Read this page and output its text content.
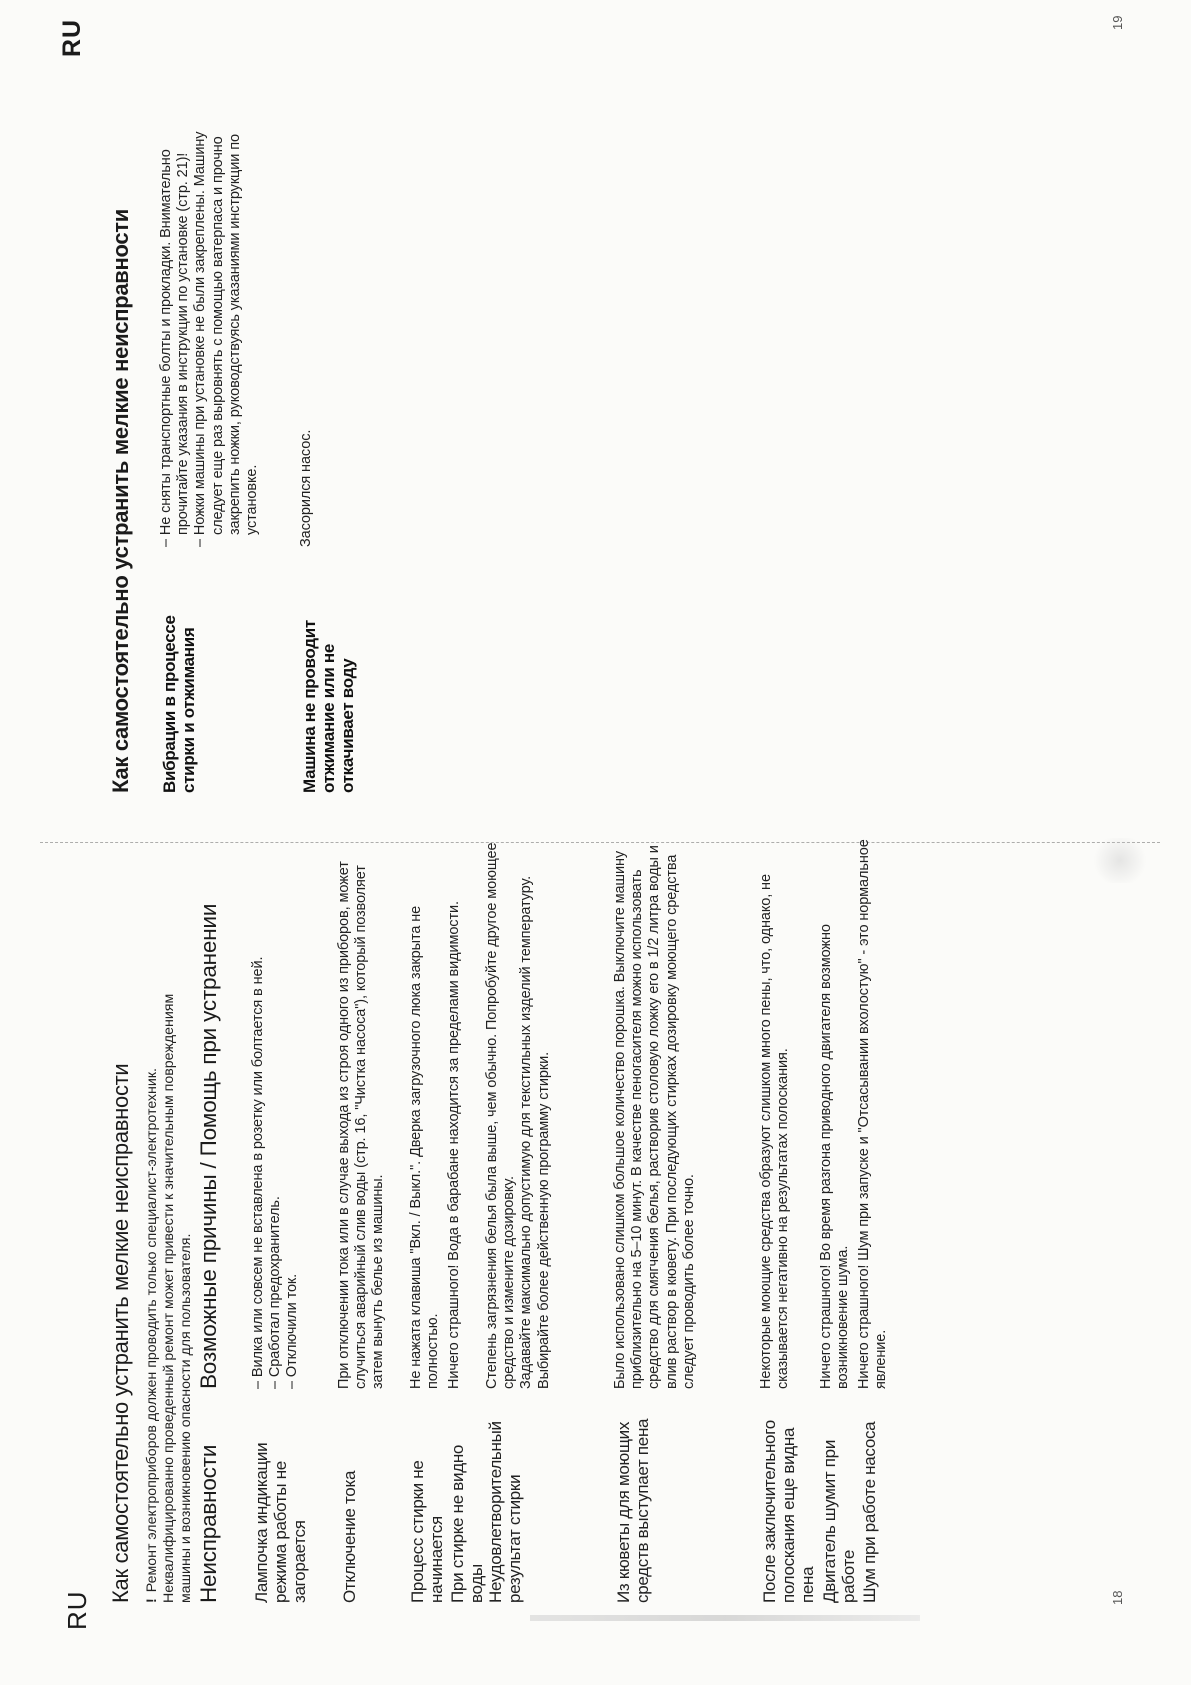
RU
Как самостоятельно устранить мелкие неисправности !Ремонт электроприборов должен проводить только специалист-электротехник. Неквалифицированно проведенный ремонт может привести к значительным повреждениям машины и возникновению опасности для пользователя. Неисправности
Возможные причины / Помощь при устранении
Лампочка индикации режима работы не загорается

– Вилка или совсем не вставлена в розетку или болтается в ней. – Сработал предохранитель. – Отключили ток.

Отключение тока

При отключении тока или в случае выхода из строя одного из приборов, может случиться аварийный слив воды (стр. 16, "Чистка насоса"), который позволяет затем вынуть белье из машины.

Процесс стирки не начинается

Не нажата клавиша "Вкл. / Выкл.". Дверка загрузочного люка закрыта не полностью.

При стирке не видно воды

Ничего страшного! Вода в барабане находится за пределами видимости.

Неудовлетворительный результат стирки

Степень загрязнения белья была выше, чем обычно. Попробуйте другое моющее средство и измените дозировку. Задавайте максимально допустимую для текстильных изделий температуру. Выбирайте более действенную программу стирки.

Из кюветы для моющих средств выступает пена

Было использовано слишком большое количество порошка. Выключите машину приблизительно на 5–10 минут. В качестве пеногасителя можно использовать средство для смягчения белья, растворив столовую ложку его в 1/2 литра воды и влив раствор в кювету. При последующих стирках дозировку моющего средства следует проводить более точно.

После заключительного полоскания еще видна пена

Некоторые моющие средства образуют слишком много пены, что, однако, не сказывается негативно на результатах полоскания.

Двигатель шумит при работе

Ничего страшного! Во время разгона приводного двигателя возможно возникновение шума.

Шум при работе насоса

Ничего страшного! Шум при запуске и "Отсасывании вхолостую" - это нормальное явление.

18
RU	19
Как самостоятельно устранить мелкие неисправности Вибрации в процессе стирки и отжимания

– Не сняты транспортные болты и прокладки. Внимательно прочитайте указания в инструкции по установке (стр. 21)! – Ножки машины при установке не были закреплены. Машину следует еще раз выровнять с помощью ватерпаса и прочно закрепить ножки, руководствуясь указаниями инструкции по установке.

Машина не проводит отжимание или не откачивает воду

Засорился насос.
